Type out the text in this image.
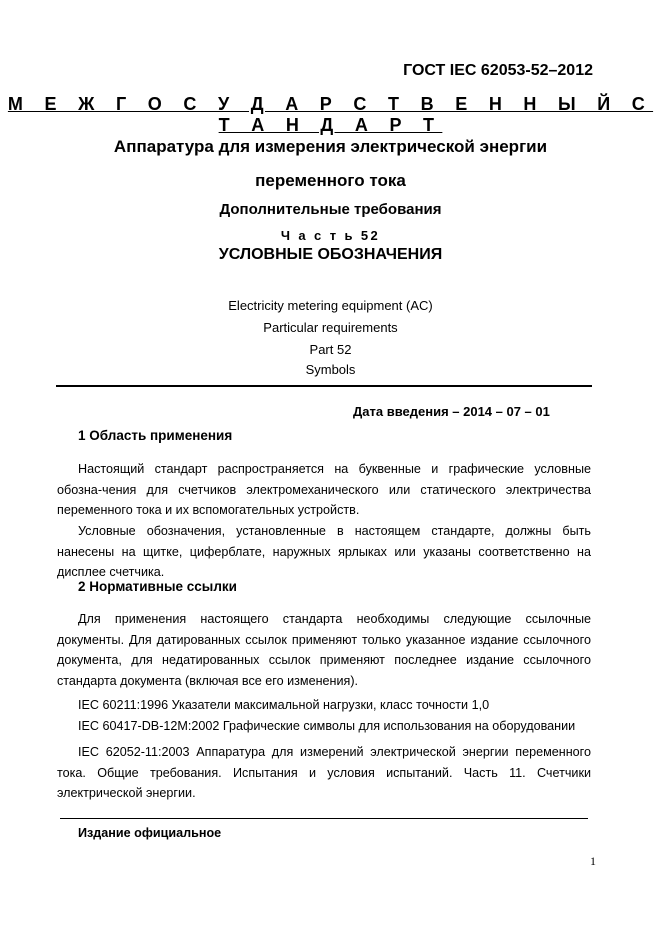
ГОСТ IEC 62053-52–2012
М Е Ж Г О С У Д А Р С Т В Е Н Н Ы Й С Т А Н Д А Р Т
Аппаратура для измерения электрической энергии
переменного тока
Дополнительные требования
Ч а с т ь 52
УСЛОВНЫЕ ОБОЗНАЧЕНИЯ
Electricity metering equipment (AC)
Particular requirements
Part 52
Symbols
Дата введения – 2014 – 07 – 01
1 Область применения
Настоящий стандарт распространяется на буквенные и графические условные обозна-чения для счетчиков электромеханического или статического электричества переменного тока и их вспомогательных устройств.
Условные обозначения, установленные в настоящем стандарте, должны быть нанесены на щитке, циферблате, наружных ярлыках или указаны соответственно на дисплее счетчика.
2 Нормативные ссылки
Для применения настоящего стандарта необходимы следующие ссылочные документы. Для датированных ссылок применяют только указанное издание ссылочного документа, для недатированных ссылок применяют последнее издание ссылочного стандарта документа (включая все его изменения).
IEC 60211:1996 Указатели максимальной нагрузки, класс точности 1,0
IEC 60417-DB-12M:2002 Графические символы для использования на оборудовании
IEC 62052-11:2003 Аппаратура для измерений электрической энергии переменного тока. Общие требования. Испытания и условия испытаний. Часть 11. Счетчики электрической энергии.
Издание официальное
1
